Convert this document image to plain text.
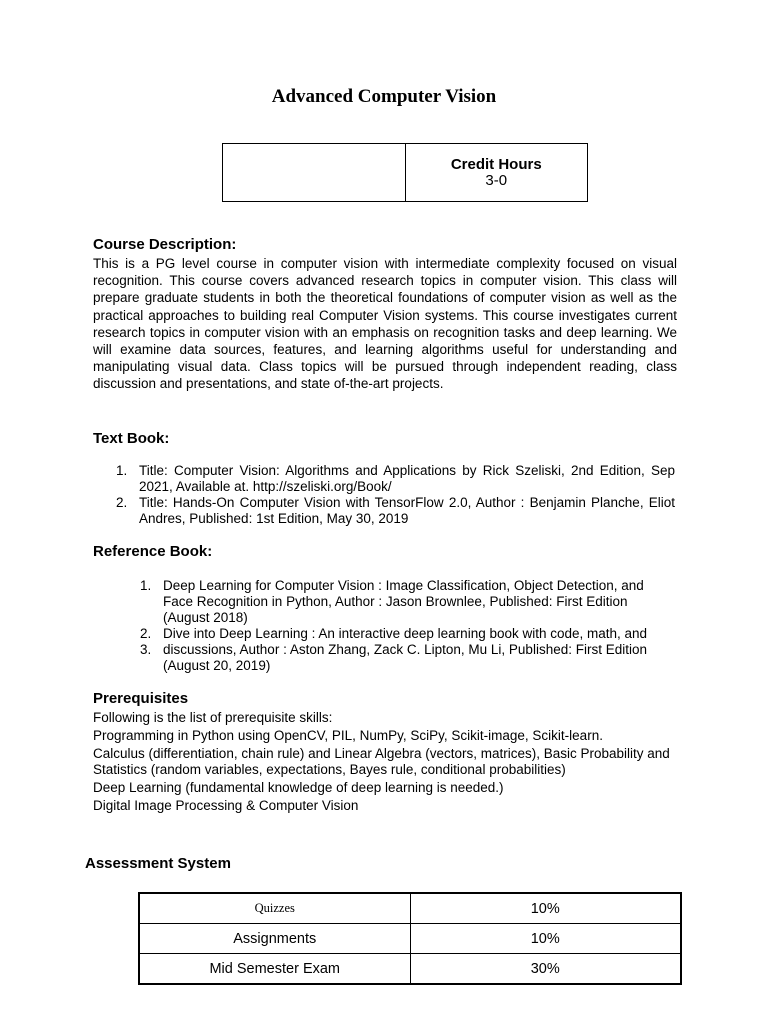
Advanced Computer Vision

Credit Hours
3-0
Course Description:
This is a PG level course in computer vision with intermediate complexity focused on visual recognition. This course covers advanced research topics in computer vision. This class will prepare graduate students in both the theoretical foundations of computer vision as well as the practical approaches to building real Computer Vision systems. This course investigates current research topics in computer vision with an emphasis on recognition tasks and deep learning. We will examine data sources, features, and learning algorithms useful for understanding and manipulating visual data. Class topics will be pursued through independent reading, class discussion and presentations, and state of-the-art projects.
Text Book:
1. Title: Computer Vision: Algorithms and Applications by Rick Szeliski, 2nd Edition, Sep 2021, Available at. http://szeliski.org/Book/
2. Title: Hands-On Computer Vision with TensorFlow 2.0, Author : Benjamin Planche, Eliot Andres, Published: 1st Edition, May 30, 2019
Reference Book:
1. Deep Learning for Computer Vision : Image Classification, Object Detection, and Face Recognition in Python, Author : Jason Brownlee, Published: First Edition (August 2018)
2. Dive into Deep Learning : An interactive deep learning book with code, math, and
3. discussions, Author : Aston Zhang, Zack C. Lipton, Mu Li, Published: First Edition (August 20, 2019)
Prerequisites
Following is the list of prerequisite skills:
Programming in Python using OpenCV, PIL, NumPy, SciPy, Scikit-image, Scikit-learn.
Calculus (differentiation, chain rule) and Linear Algebra (vectors, matrices), Basic Probability and Statistics (random variables, expectations, Bayes rule, conditional probabilities)
Deep Learning (fundamental knowledge of deep learning is needed.)
Digital Image Processing & Computer Vision
Assessment System
Quizzes	10%
Assignments	10%
Mid Semester Exam	30%
